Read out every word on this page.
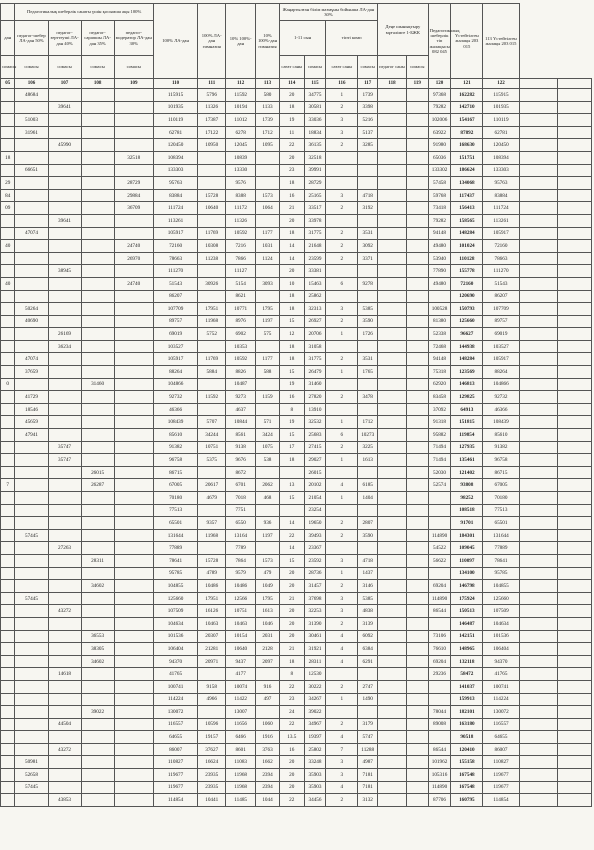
	Педагогикалық шеберлік санаты үшін қосымша ақы 100%				100% ЛА-дан	100% ЛА-дан гимназия	10% 100%-дан	10% 100%-дан гимназия	Жаңартылған білім мазмұны бойынша ЛА-дан 30%				Деңе шынықтыру мұғалімге 1-БЖК		Педагогикалық шеберлік тіп жалақысы 082 045	Үстейтілген жалақы 203 015	113 Үстейтілген жалақы 203 015		
дан	педагог-шебер ЛА-дан 50%	педагог-зерттеуші ЛА-дан 40%	педагог-сарапшы ЛА-дан 35%	педагог-модератор ЛА-дан 30%					1-11 сын		тіпті комп								
сомасы	сомасы	сомасы	сомасы	сомасы					сағат саны	сомасы	сағат саны	сомасы	педагог саны	сомасы					
05	106	107	108	109	110	111	112	113	114	115	116	117	118	119	120	121	122		
	48684				115915	5796	11592	580	20	34775	1	1739			97368	162282	115915		
		39641			101935	11326	10194	1133	18	30581	2	3398			79282	142710	101935		
	51003				110119	17387	11012	1739	19	33036	3	5216			102006	154167	110119		
	31961				62781	17122	6278	1712	11	18834	3	5137			63922	87892	62781		
		45990			120450	10950	12045	1095	22	36135	2	3285			91980	168630	120450		
18				32518	108394		10839		20	32518					65036	151751	108394		
	66651				133303		13330		23	39991					133302	186624	133303		
29				28729	95763		9576		18	28729					57458	134068	95763		
84				29884	83884	15728	8388	1573	16	25165	3	4718			59768	117437	83884		
09				36709	111724	10640	11172	1064	21	33517	2	3192			73418	156413	111724		
		39641			113261		11326		20	33978					79282	158565	113261		
	47074				105917	11769	10592	1177	18	31775	2	3531			94148	148284	105917		
40				24740	72160	10308	7216	1031	14	21648	2	3092			49480	101024	72160		
				26970	78663	11238	7866	1124	14	23599	2	3371			53940	110128	78663		
		38945			111270		11127		20	33381					77890	155778	111270		
40				24740	51543	30926	5154	3093	10	15463	6	9278			49480	72160	51543		
					86207		8621		18	25862						120690	86207		
	50264				107709	17951	10771	1795	18	32313	3	5385			100528	150793	107709		
	40690				89757	11968	8976	1197	15	26927	2	3590			81380	125660	89757		
		26169			69019	5752	6902	575	12	20706	1	1726			52338	96627	69019		
		36234			103527		10353		18	31058					72468	144938	103527		
	47074				105917	11769	10592	1177	18	31775	2	3531			94148	148284	105917		
	37659				88264	5884	8826	588	15	26479	1	1765			75318	123569	88264		
0			31460		104866		10487		19	31460					62920	146813	104866		
	41729				92732	11592	9273	1159	16	27820	2	3478			83458	129825	92732		
	18546				46366		4637		8	13910					37092	64913	46366		
	45659				108439	5707	10844	571	19	32532	1	1712			91318	151815	108439		
	47941				85610	34244	8561	3424	15	25683	6	10273			95882	119854	85610		
		35747			91382	10751	9138	1075	17	27415	2	3225			71494	127935	91382		
		35747			96758	5375	9676	538	18	29027	1	1613			71494	135461	96758		
			26015		86715		8672			26015					52030	121402	86715		
7			26287		67005	20617	6701	2062	13	20102	4	6185			52574	93808	67005		
					70180	4679	7018	468	15	21054	1	1404				98252	70180		
					77513		7751			23254						108518	77513		
					65501	9357	6550	936	14	19650	2	2807				91701	65501		
	57445				131644	11968	13164	1197	22	39493	2	3590			114890	184301	131644		
		27263			77889		7789		14	23367					54522	109045	77889		
			28311		78641	15728	7864	1573	15	23592	3	4718			56622	110097	78641		
					95785	4789	9579	479	20	28736	1	1437				134100	95785		
			34602		104855	10486	10486	1049	20	31457	2	3146			69204	146798	104855		
	57445				125660	17951	12566	1795	21	37698	3	5385			114890	175924	125660		
		43272			107509	16126	10751	1613	20	32253	3	4838			86544	150513	107509		
					104634	10463	10463	1046	20	31390	2	3139				146487	104634		
			36553		101536	20307	10154	2031	20	30461	4	6092			73106	142151	101536		
			38305		106404	21281	10640	2128	21	31921	4	6384			76610	148965	106404		
			34602		94370	20971	9437	2097	18	28311	4	6291			69204	132118	94370		
		14618			41765		4177		8	12530					29236	58472	41765		
					100741	9158	10074	916	22	30222	2	2747				141037	100741		
					114224	4966	11422	497	23	34267	1	1490				159913	114224		
			39022		130072		13007		24	39022					78044	182101	130072		
		44504			116557	10596	11656	1060	22	34967	2	3179			89008	163180	116557		
					64655	19157	6466	1916	13.5	19397	4	5747				90518	64655		
		43272			86007	37627	8601	3763	16	25802	7	11288			86544	120410	86007		
	50981				110827	16624	11083	1662	20	33248	3	4987			101962	155158	110827		
	52658				119677	23935	11968	2394	20	35903	3	7181			105316	167548	119677		
	57445				119677	23935	11968	2394	20	35903	4	7181			114890	167548	119677		
		43853			114854	10441	11485	1044	22	34456	2	3132			87706	160795	114854		
